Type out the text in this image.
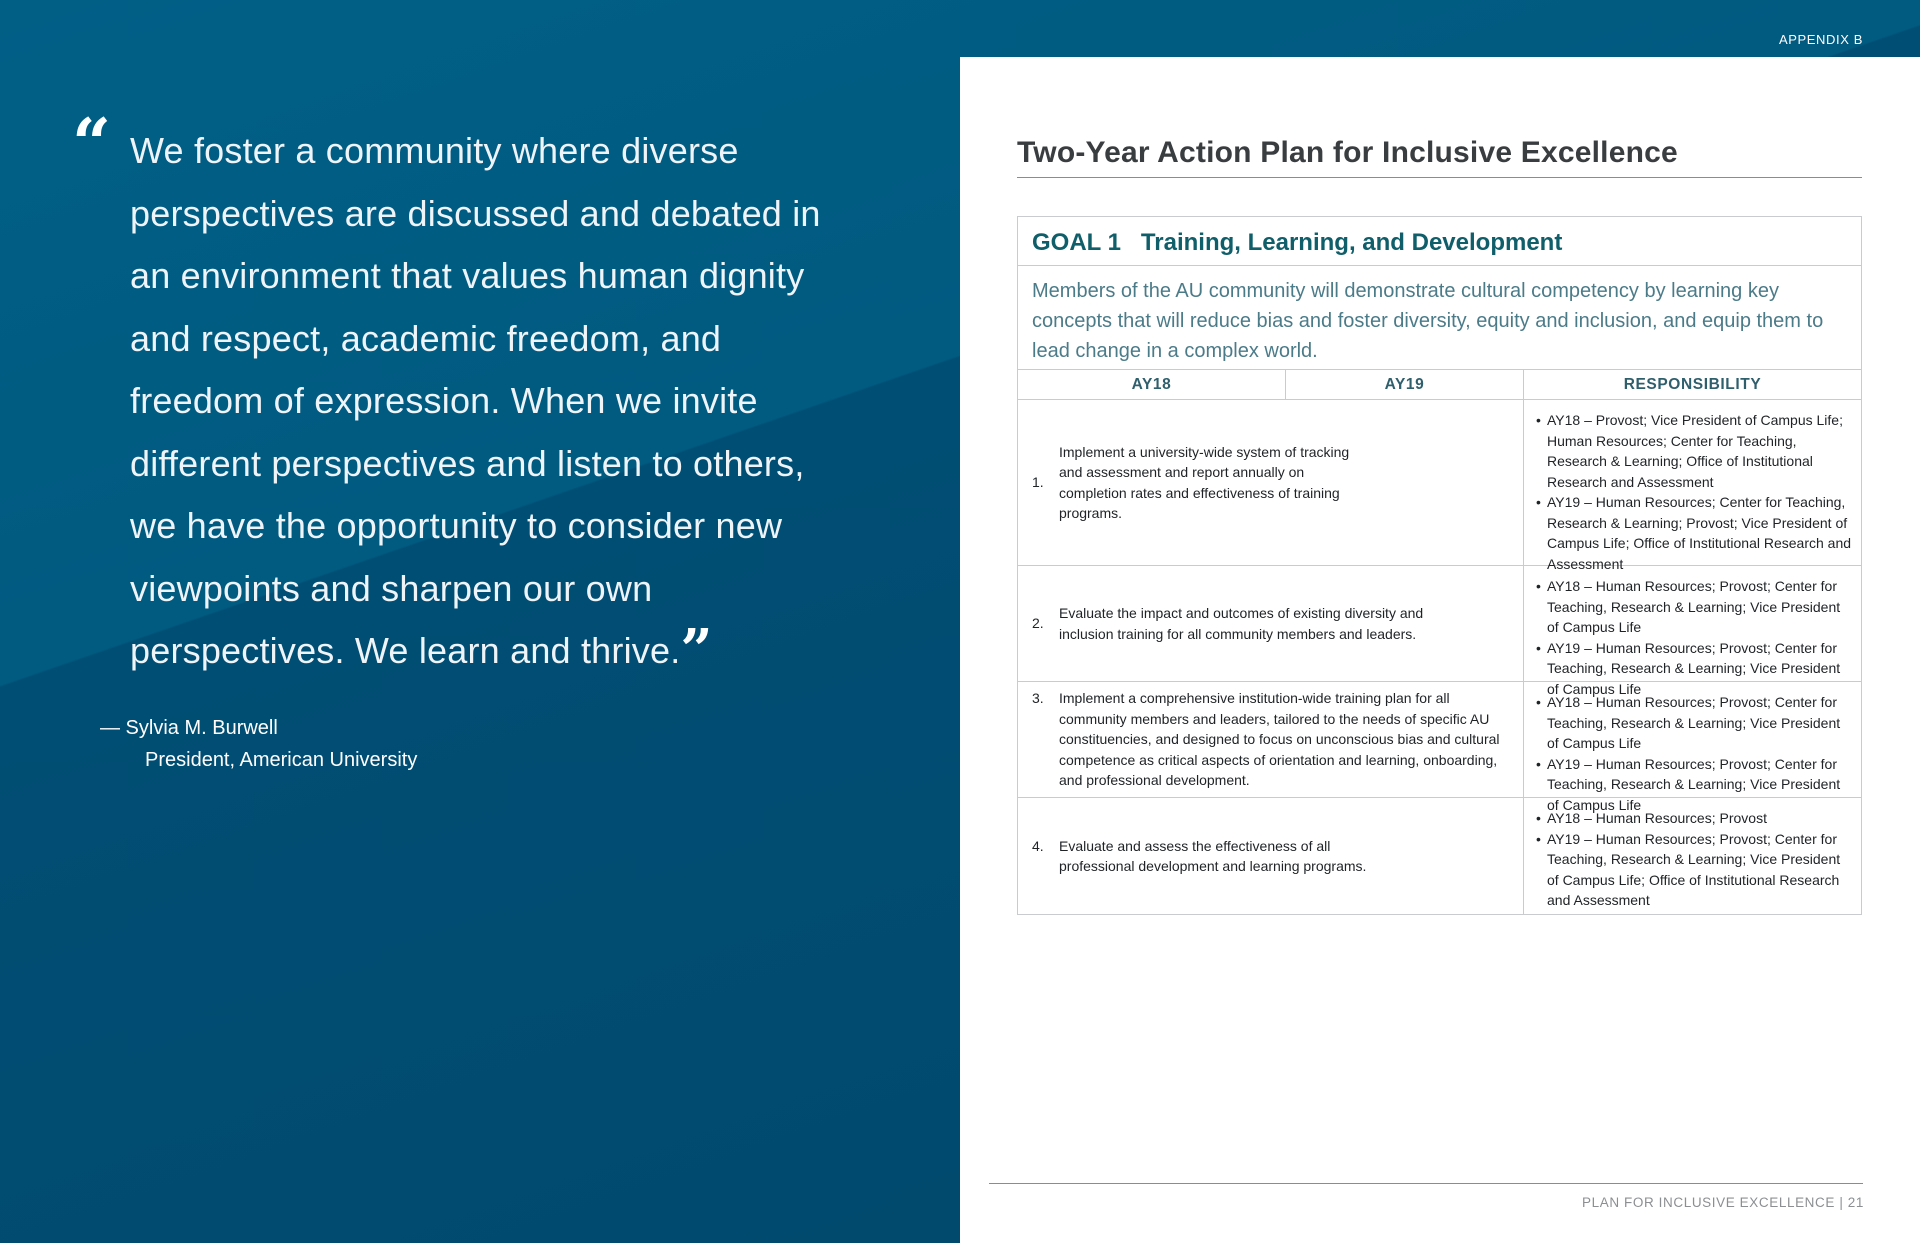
APPENDIX B
“ We foster a community where diverse perspectives are discussed and debated in an environment that values human dignity and respect, academic freedom, and freedom of expression. When we invite different perspectives and listen to others, we have the opportunity to consider new viewpoints and sharpen our own perspectives. We learn and thrive.”

— Sylvia M. Burwell
President, American University
Two-Year Action Plan for Inclusive Excellence
GOAL 1 Training, Learning, and Development
Members of the AU community will demonstrate cultural competency by learning key concepts that will reduce bias and foster diversity, equity and inclusion, and equip them to lead change in a complex world.
AY18	AY19	RESPONSIBILITY
1.
Implement a university-wide system of tracking and assessment and report annually on completion rates and effectiveness of training programs.
• AY18 – Provost; Vice President of Campus Life; Human Resources; Center for Teaching, Research & Learning; Office of Institutional Research and Assessment
• AY19 – Human Resources; Center for Teaching, Research & Learning; Provost; Vice President of Campus Life; Office of Institutional Research and Assessment
2.
Evaluate the impact and outcomes of existing diversity and inclusion training for all community members and leaders.
• AY18 – Human Resources; Provost; Center for Teaching, Research & Learning; Vice President of Campus Life
• AY19 – Human Resources; Provost; Center for Teaching, Research & Learning; Vice President of Campus Life
3.	Implement a comprehensive institution-wide training plan for all community members and leaders, tailored to the needs of specific AU constituencies, and designed to focus on unconscious bias and cultural competence as critical aspects of orientation and learning, onboarding, and professional development.
• AY18 – Human Resources; Provost; Center for Teaching, Research & Learning; Vice President of Campus Life
• AY19 – Human Resources; Provost; Center for Teaching, Research & Learning; Vice President of Campus Life
4.	Evaluate and assess the effectiveness of all professional development and learning programs.
• AY18 – Human Resources; Provost
• AY19 – Human Resources; Provost; Center for Teaching, Research & Learning; Vice President of Campus Life; Office of Institutional Research and Assessment
PLAN FOR INCLUSIVE EXCELLENCE | 21
